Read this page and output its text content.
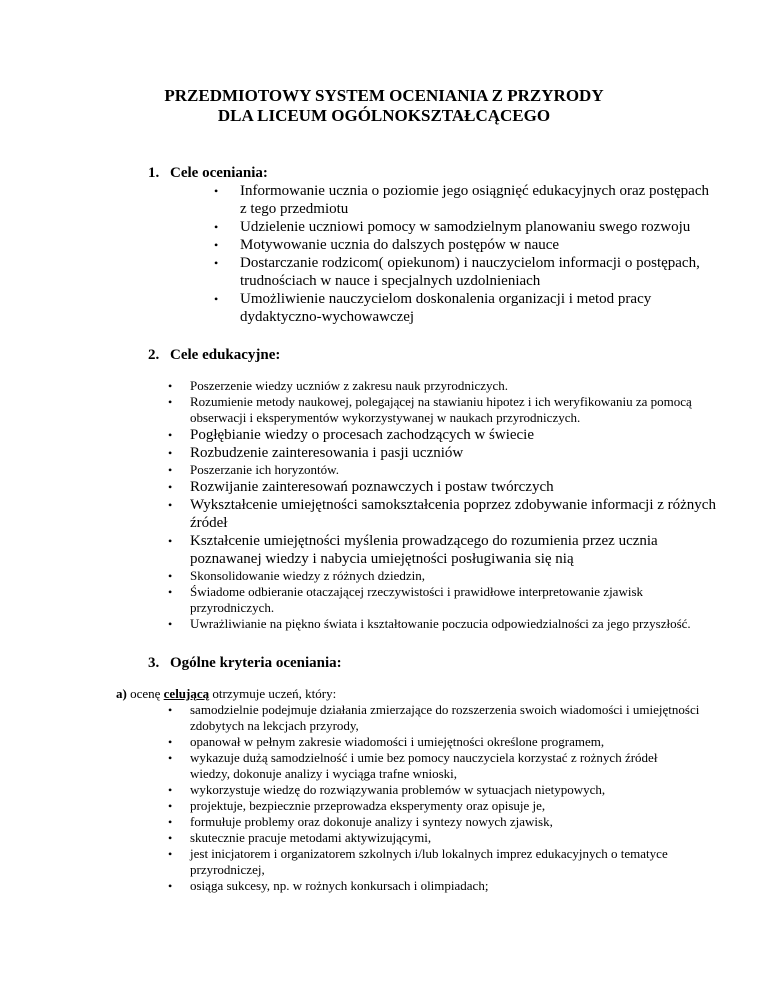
PRZEDMIOTOWY SYSTEM OCENIANIA Z PRZYRODY
DLA LICEUM OGÓLNOKSZTAŁCĄCEGO
1. Cele oceniania:
• Informowanie ucznia o poziomie jego osiągnięć edukacyjnych oraz postępach z tego przedmiotu
• Udzielenie uczniowi pomocy w samodzielnym planowaniu swego rozwoju
• Motywowanie ucznia do dalszych postępów w nauce
• Dostarczanie rodzicom( opiekunom) i nauczycielom informacji o postępach, trudnościach w nauce i specjalnych uzdolnieniach
• Umożliwienie nauczycielom doskonalenia organizacji i metod pracy dydaktyczno-wychowawczej
2. Cele edukacyjne:
• Poszerzenie wiedzy uczniów z zakresu nauk przyrodniczych.
• Rozumienie metody naukowej, polegającej na stawianiu hipotez i ich weryfikowaniu za pomocą obserwacji i eksperymentów wykorzystywanej w naukach przyrodniczych.
• Pogłębianie wiedzy o procesach zachodzących w świecie
• Rozbudzenie zainteresowania i pasji uczniów
• Poszerzanie ich horyzontów.
• Rozwijanie zainteresowań poznawczych i postaw twórczych
• Wykształcenie umiejętności samokształcenia poprzez zdobywanie informacji z różnych źródeł
• Kształcenie umiejętności myślenia prowadzącego do rozumienia przez ucznia poznawanej wiedzy i nabycia umiejętności posługiwania się nią
• Skonsolidowanie wiedzy z różnych dziedzin,
• Świadome odbieranie otaczającej rzeczywistości i prawidłowe interpretowanie zjawisk przyrodniczych.
• Uwrażliwianie na piękno świata i kształtowanie poczucia odpowiedzialności za jego przyszłość.
3. Ogólne kryteria oceniania:
a) ocenę celującą otrzymuje uczeń, który:
• samodzielnie podejmuje działania zmierzające do rozszerzenia swoich wiadomości i umiejętności zdobytych na lekcjach przyrody,
• opanował w pełnym zakresie wiadomości i umiejętności określone programem,
• wykazuje dużą samodzielność i umie bez pomocy nauczyciela korzystać z rożnych źródeł
wiedzy, dokonuje analizy i wyciąga trafne wnioski,
• wykorzystuje wiedzę do rozwiązywania problemów w sytuacjach nietypowych,
• projektuje, bezpiecznie przeprowadza eksperymenty oraz opisuje je,
• formułuje problemy oraz dokonuje analizy i syntezy nowych zjawisk,
• skutecznie pracuje metodami aktywizującymi,
• jest inicjatorem i organizatorem szkolnych i/lub lokalnych imprez edukacyjnych o tematyce
przyrodniczej,
• osiąga sukcesy, np. w rożnych konkursach i olimpiadach;
